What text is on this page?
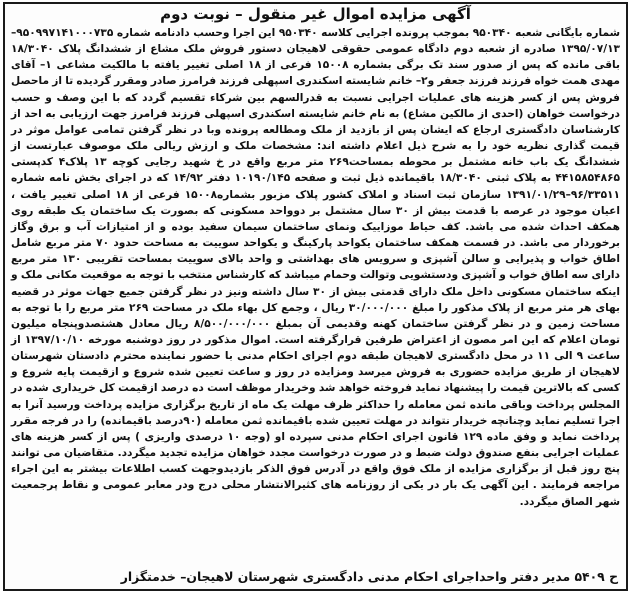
آگهی مزایده اموال غیر منقول – نوبت دوم

شماره بایگانی شعبه ۹۵۰۳۴۰ بموجب پرونده اجرایی کلاسه ۹۵۰۳۴۰ این اجرا وحسب دادنامه شماره ۹۵۰۹۹۷۱۴۱۰۰۰۷۳۵– ۱۳۹۵/۰۷/۱۳ صادره از شعبه دوم دادگاه عمومی حقوقی لاهیجان دستور فروش ملک مشاع از ششدانگ پلاک ۱۸/۳۰۴۰ باقی مانده که پس از صدور سند تک برگی بشماره ۱۵۰۰۸ فرعی از ۱۸ اصلی تغییر یافته با مالکیت مشاعی ۱– آقای مهدی همت خواه فرزند فرزند جعفر و۲– خانم شایسته اسکندری اسپهلی فرزند فرامرز صادر ومقرر گردیده تا از ماحصل فروش پس از کسر هزینه های عملیات اجرایی نسبت به قدرالسهم بین شرکاء تقسیم گردد که با این وصف و حسب درخواست خواهان (احدی از مالکین مشاع) به نام خانم شایسته اسکندری اسپهلی فرزند فرامرز جهت ارزیابی به احد از کارشناسان دادگستری ارجاع که ایشان پس از بازدید از ملک ومطالعه پرونده وبا در نظر گرفتن تمامی عوامل موثر در قیمت گذاری نظریه خود را به شرح ذیل اعلام داشته اند: مشخصات ملک و ارزش ریالی ملک موصوف عبارتست از ششدانگ یک باب خانه مشتمل بر محوطه بمساحت۲۶۹ متر مربع واقع در خ شهید رجایی کوچه ۱۳ پلاک۴ کدپستی ۴۴۱۵۸۵۴۸۶۵ به پلاک ثبتی ۱۸/۳۰۴۰ باقیمانده ذیل ثبت و صفحه ۱۰۱۹۰/۱۴۵ دفتر ۱۴/۹۲ که در اجرای بخش نامه شماره ۹۶/۳۳۵۱۱–۱۳۹۱/۰۱/۲۹ سازمان ثبت اسناد و املاک کشور پلاک مزبور بشماره۱۵۰۰۸ فرعی از ۱۸ اصلی تغییر یافت ، اعیان موجود در عرصه با قدمت بیش از ۳۰ سال مشتمل بر دوواحد مسکونی که بصورت یک ساختمان یک طبقه روی همکف احداث شده می باشد. کف حیاط موزاییک ونمای ساختمان سیمان سفید بوده و از امتیازات آب و برق وگاز برخوردار می باشد. در قسمت همکف ساختمان یکواحد پارکینگ و یکواحد سوییت به مساحت حدود ۷۰ متر مربع شامل اطاق خواب و پذیرایی و سالن آشپزی و سرویس های بهداشتی و واحد بالای سوییت بمساحت تقریبی ۱۳۰ متر مربع دارای سه اطاق خواب و آشپزی ودستشویی وتوالت وحمام میباشد که کارشناس منتخب با توجه به موقعیت مکانی ملک و اینکه ساختمان مسکونی داخل ملک دارای قدمتی بیش از ۳۰ سال داشته ونیز در نظر گرفتن جمیع جهات موثر در قضیه بهای هر متر مربع از پلاک مذکور را مبلغ ۳۰/۰۰۰/۰۰۰ ریال ، وجمع کل بهاء ملک در مساحت ۲۶۹ متر مربع را با توجه به مساحت زمین و در نظر گرفتن ساختمان کهنه وقدیمی آن بمبلغ ۸/۵۰۰/۰۰۰/۰۰۰ ریال معادل هشتصدوپنجاه میلیون تومان اعلام که این امر مصون از اعتراض طرفین قرارگرفته است. اموال مذکور در روز دوشنبه مورخه ۱۳۹۷/۱۰/۱۰ از ساعت ۹ الی ۱۱ در محل دادگستری لاهیجان طبقه دوم اجرای احکام مدنی با حضور نماینده محترم دادستان شهرستان لاهیجان از طریق مزایده حضوری به فروش میرسد ومزایده در روز و ساعت تعیین شده شروع و ازقیمت پایه شروع و کسی که بالاترین قیمت را پیشنهاد نماید فروخته خواهد شد وخریدار موظف است ده درصد ازقیمت کل خریداری شده در المجلس پرداخت وباقی مانده ثمن معامله را حداکثر ظرف مهلت یک ماه از تاریخ برگزاری مزایده پرداخت ورسید آنرا به اجرا تسلیم نماید وچنانچه خریدار نتواند در مهلت تعیین شده باقیمانده ثمن معامله (۹۰درصد باقیمانده) را در فرجه مقرر پرداخت نماید و وفق ماده ۱۲۹ قانون اجرای احکام مدنی سپرده او (وجه ۱۰ درصدی واریزی ) پس از کسر هزینه های عملیات اجرایی بنفع صندوق دولت ضبط و در صورت درخواست مجدد خواهان مزایده تجدید میگردد. متقاضیان می توانند پنج روز قبل از برگزاری مزایده از ملک فوق واقع در آدرس فوق الذکر بازدیدوجهت کسب اطلاعات بیشتر به این اجراء مراجعه فرمایند . این آگهی یک بار در یکی از روزنامه های کثیرالانتشار محلی درج ودر معابر عمومی و نقاط پرجمعیت شهر الصاق میگردد.

ح ۵۴۰۹ مدیر دفتر واحداجرای احکام مدنی دادگستری شهرستان لاهیجان– خدمتگزار
